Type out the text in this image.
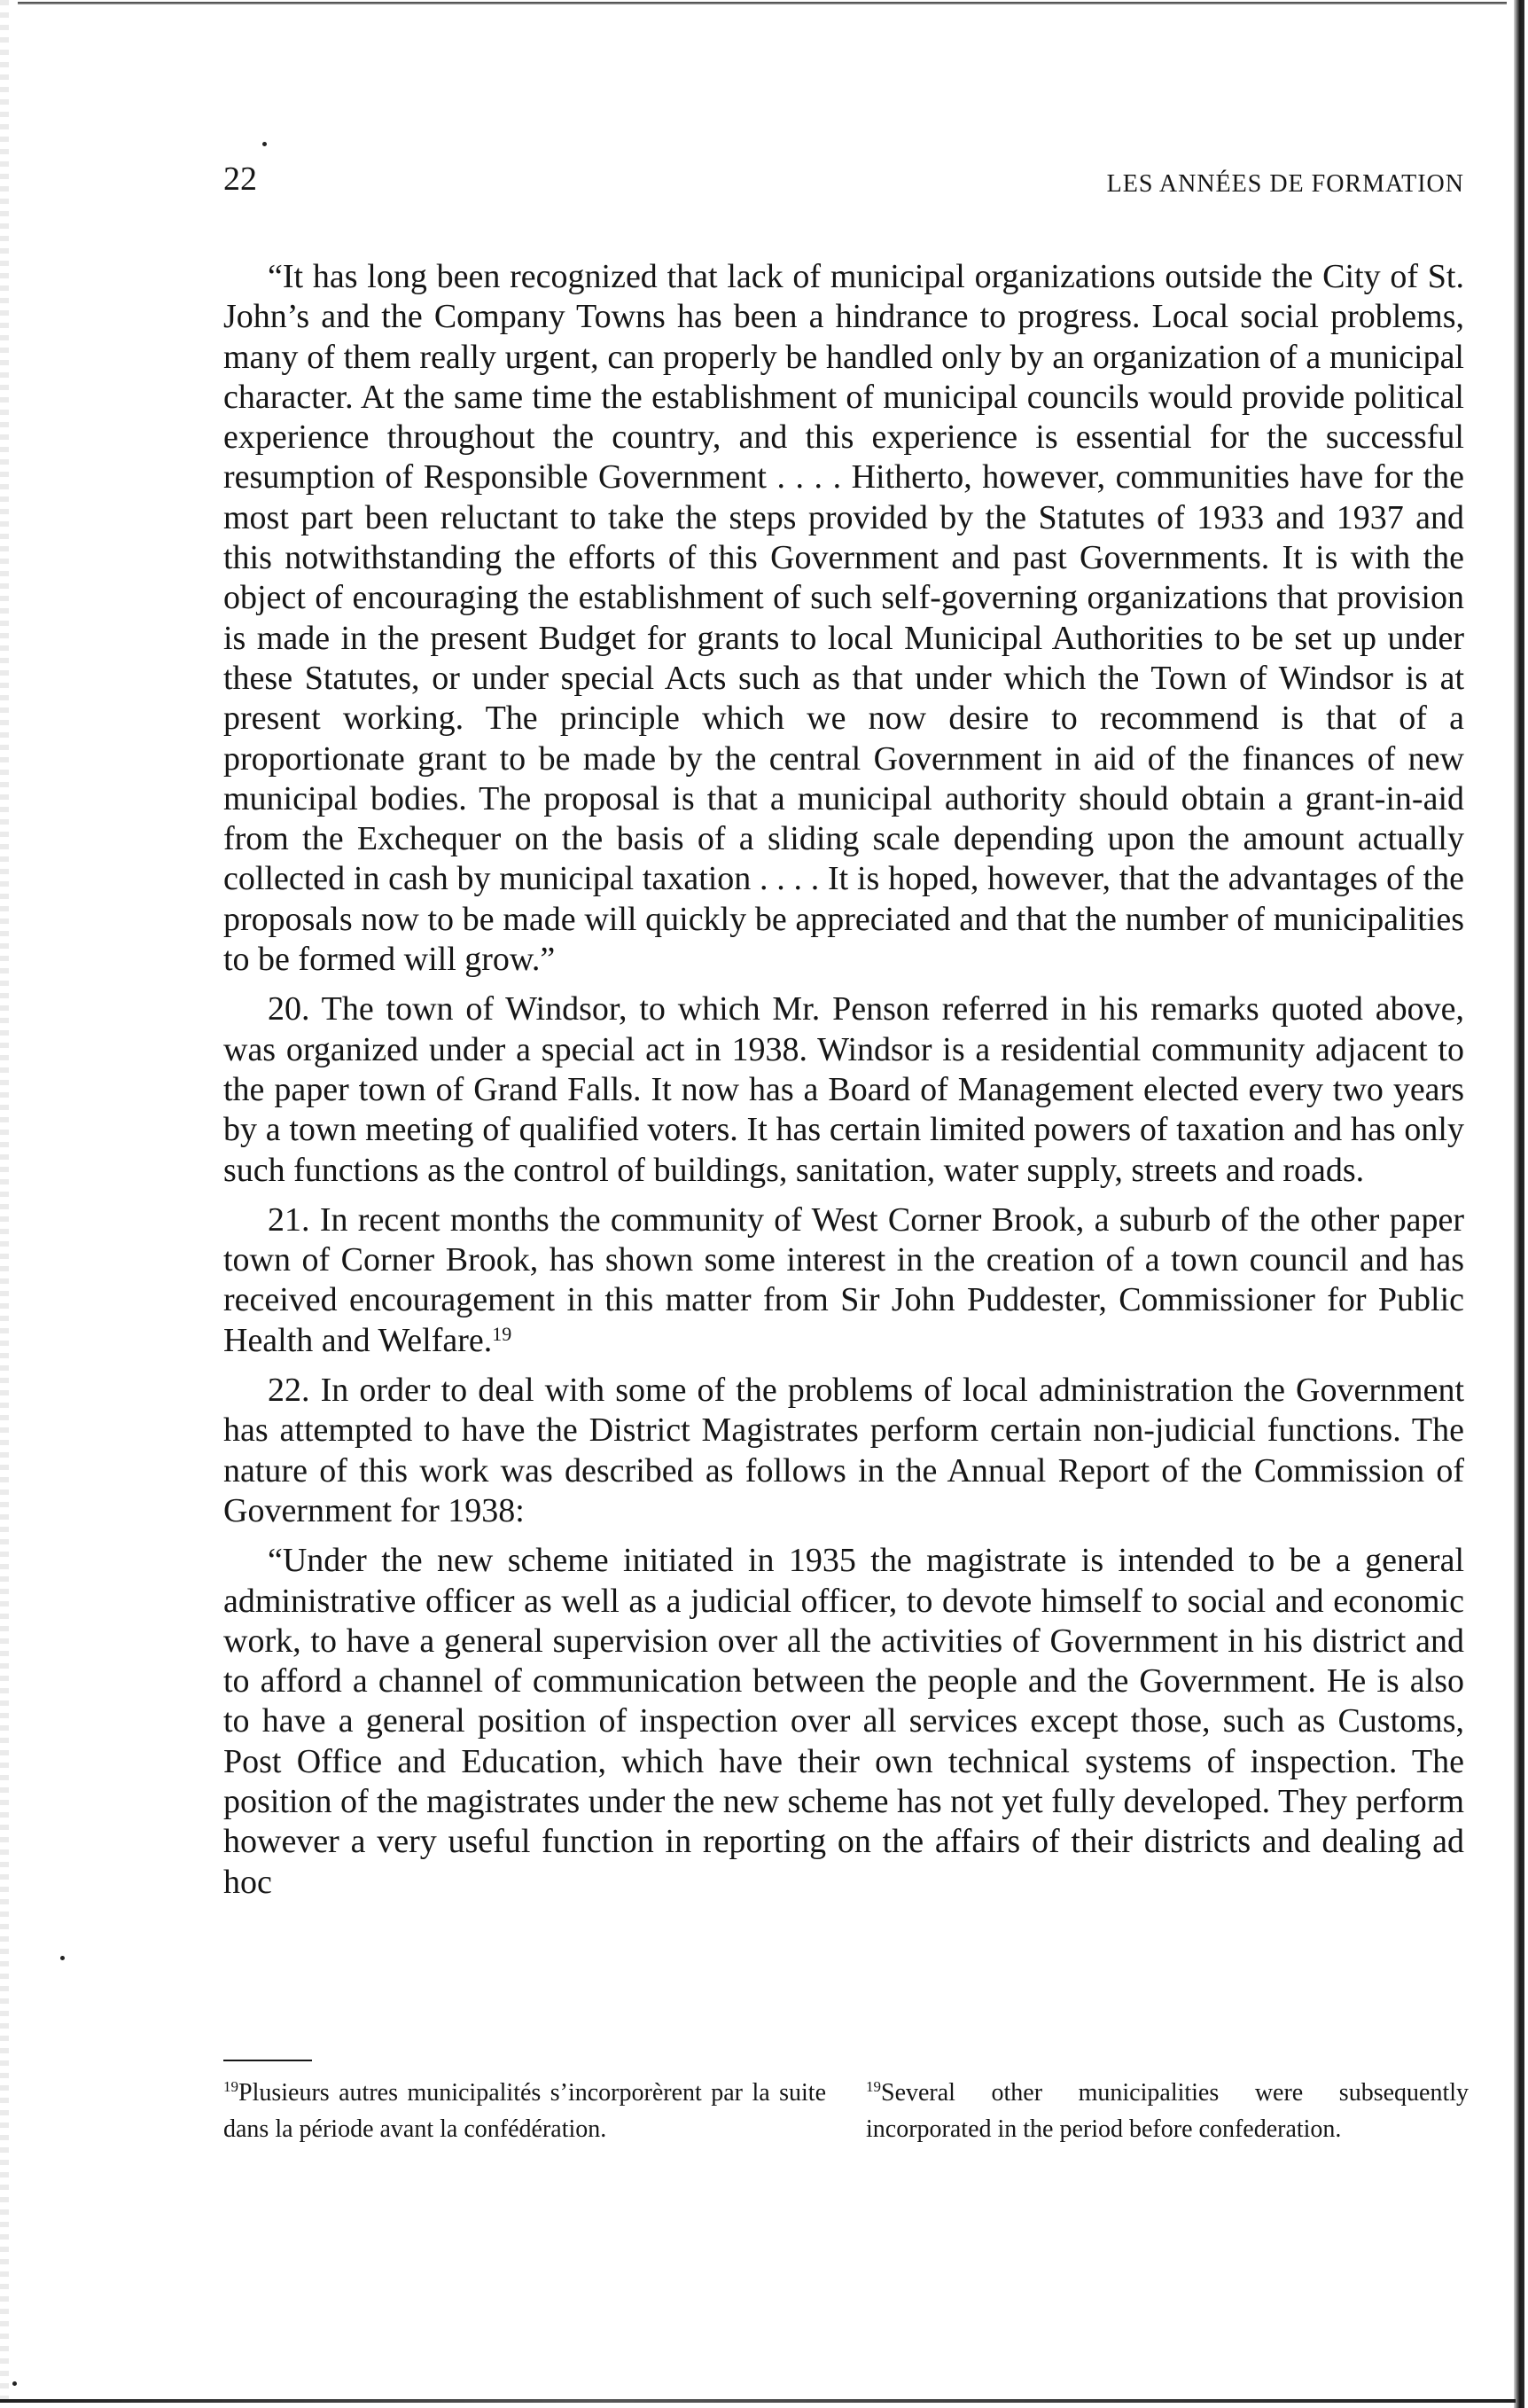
22	LES ANNÉES DE FORMATION

“It has long been recognized that lack of municipal organizations outside the City of St. John’s and the Company Towns has been a hindrance to progress. Local social problems, many of them really urgent, can properly be handled only by an organization of a municipal character. At the same time the establishment of municipal councils would provide political experience throughout the country, and this experience is essential for the successful resumption of Responsible Government . . . . Hitherto, however, communities have for the most part been reluctant to take the steps provided by the Statutes of 1933 and 1937 and this notwithstanding the efforts of this Government and past Governments. It is with the object of encouraging the establishment of such self-governing organizations that provision is made in the present Budget for grants to local Municipal Authorities to be set up under these Statutes, or under special Acts such as that under which the Town of Windsor is at present working. The principle which we now desire to recommend is that of a proportionate grant to be made by the central Government in aid of the finances of new municipal bodies. The proposal is that a municipal authority should obtain a grant-in-aid from the Exchequer on the basis of a sliding scale depending upon the amount actually collected in cash by municipal taxation . . . . It is hoped, however, that the advantages of the proposals now to be made will quickly be appreciated and that the number of municipalities to be formed will grow.”

20. The town of Windsor, to which Mr. Penson referred in his remarks quoted above, was organized under a special act in 1938. Windsor is a residential community adjacent to the paper town of Grand Falls. It now has a Board of Management elected every two years by a town meeting of qualified voters. It has certain limited powers of taxation and has only such functions as the control of buildings, sanitation, water supply, streets and roads.

21. In recent months the community of West Corner Brook, a suburb of the other paper town of Corner Brook, has shown some interest in the creation of a town council and has received encouragement in this matter from Sir John Puddester, Commissioner for Public Health and Welfare.$^{19}$

22. In order to deal with some of the problems of local administration the Government has attempted to have the District Magistrates perform certain non-judicial functions. The nature of this work was described as follows in the Annual Report of the Commission of Government for 1938:

“Under the new scheme initiated in 1935 the magistrate is intended to be a general administrative officer as well as a judicial officer, to devote himself to social and economic work, to have a general supervision over all the activities of Government in his district and to afford a channel of communication between the people and the Government. He is also to have a general position of inspection over all services except those, such as Customs, Post Office and Education, which have their own technical systems of inspection. The position of the magistrates under the new scheme has not yet fully developed. They perform however a very useful function in reporting on the affairs of their districts and dealing ad hoc

$^{19}$Plusieurs autres municipalités s’incorporèrent par la suite dans la période avant la confédération.
$^{19}$Several other municipalities were subsequently incorporated in the period before confederation.
